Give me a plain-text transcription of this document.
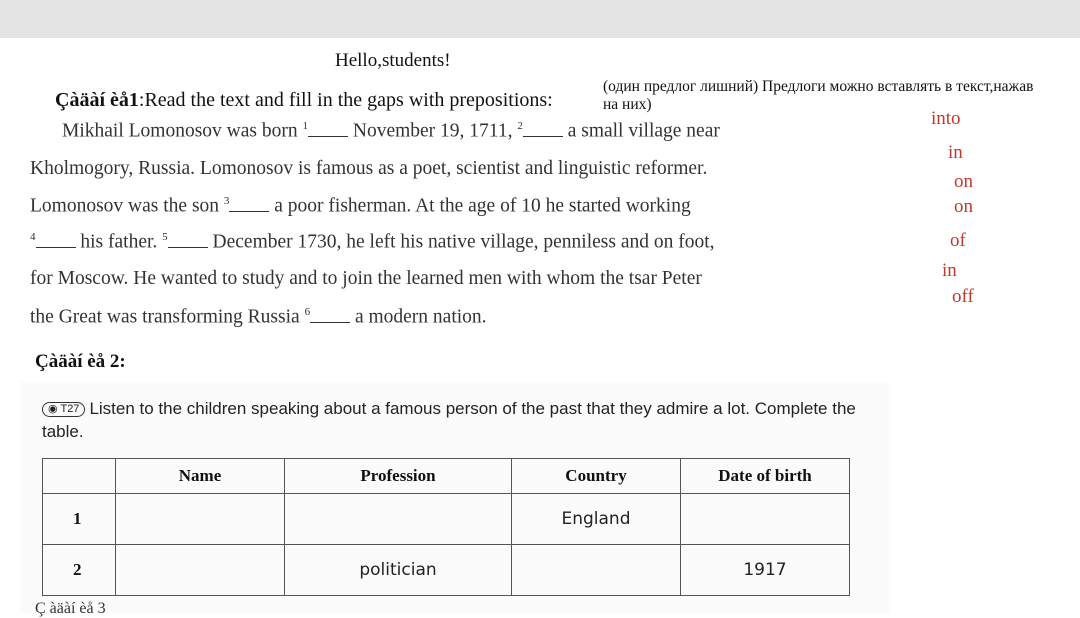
Hello,students!
Çàäàí èå1:Read the text and fill in the gaps with prepositions:
(один предлог лишний) Предлоги можно вставлять в текст,нажав на них)
Mikhail Lomonosov was born $^1$ November 19, 1711, $^2$ a small village near
Kholmogory, Russia. Lomonosov is famous as a poet, scientist and linguistic reformer.
Lomonosov was the son $^3$ a poor fisherman. At the age of 10 he started working
$^4$ his father. $^5$ December 1730, he left his native village, penniless and on foot,
for Moscow. He wanted to study and to join the learned men with whom the tsar Peter
the Great was transforming Russia $^6$ a modern nation.
into
in
on
on
of
in
off
Çàäàí èå 2:
◉ T27 Listen to the children speaking about a famous person of the past that they admire a lot. Complete the table.
	Name	Profession	Country	Date of birth
1			England	
2		politician		1917
Ç àäàí èå 3
